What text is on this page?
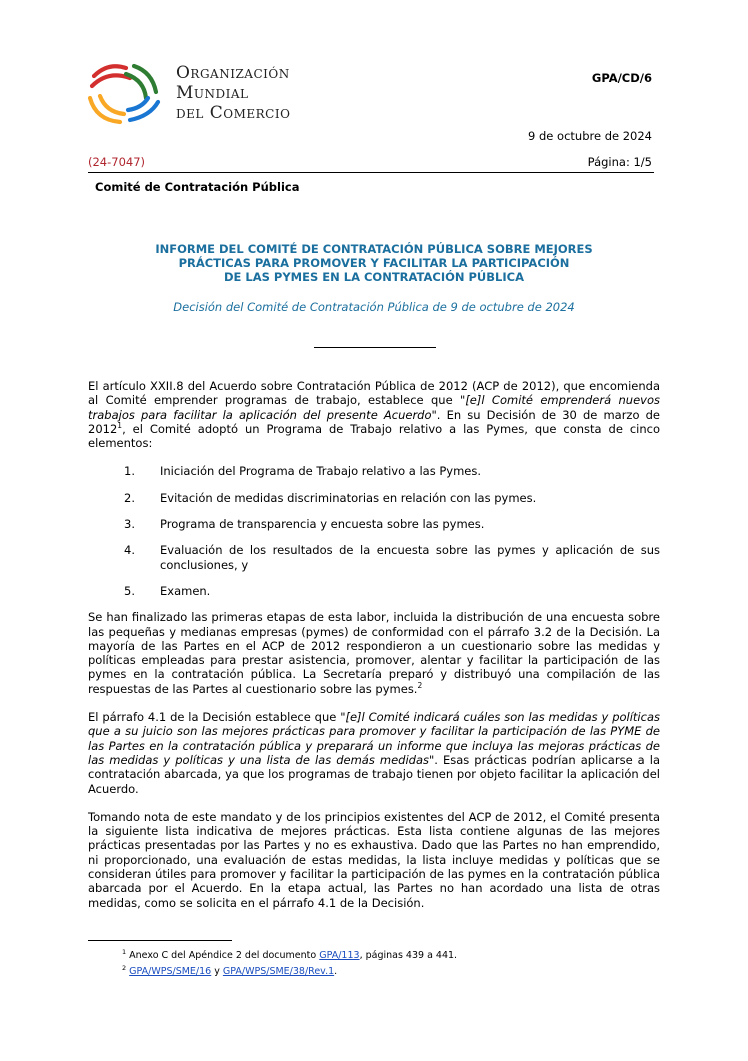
Organización
Mundial
del Comercio
GPA/CD/6
9 de octubre de 2024
(24-7047)	Página: 1/5
Comité de Contratación Pública
INFORME DEL COMITÉ DE CONTRATACIÓN PÚBLICA SOBRE MEJORES
PRÁCTICAS PARA PROMOVER Y FACILITAR LA PARTICIPACIÓN
DE LAS PYMES EN LA CONTRATACIÓN PÚBLICA
Decisión del Comité de Contratación Pública de 9 de octubre de 2024

El artículo XXII.8 del Acuerdo sobre Contratación Pública de 2012 (ACP de 2012), que encomienda al Comité emprender programas de trabajo, establece que "[e]l Comité emprenderá nuevos trabajos para facilitar la aplicación del presente Acuerdo". En su Decisión de 30 de marzo de 2012$^1$, el Comité adoptó un Programa de Trabajo relativo a las Pymes, que consta de cinco elementos:

1.	Iniciación del Programa de Trabajo relativo a las Pymes.
2.	Evitación de medidas discriminatorias en relación con las pymes.
3.	Programa de transparencia y encuesta sobre las pymes.
4.	Evaluación de los resultados de la encuesta sobre las pymes y aplicación de sus conclusiones, y
5.	Examen.

Se han finalizado las primeras etapas de esta labor, incluida la distribución de una encuesta sobre las pequeñas y medianas empresas (pymes) de conformidad con el párrafo 3.2 de la Decisión. La mayoría de las Partes en el ACP de 2012 respondieron a un cuestionario sobre las medidas y políticas empleadas para prestar asistencia, promover, alentar y facilitar la participación de las pymes en la contratación pública. La Secretaría preparó y distribuyó una compilación de las respuestas de las Partes al cuestionario sobre las pymes.$^2$

El párrafo 4.1 de la Decisión establece que "[e]l Comité indicará cuáles son las medidas y políticas que a su juicio son las mejores prácticas para promover y facilitar la participación de las PYME de las Partes en la contratación pública y preparará un informe que incluya las mejoras prácticas de las medidas y políticas y una lista de las demás medidas". Esas prácticas podrían aplicarse a la contratación abarcada, ya que los programas de trabajo tienen por objeto facilitar la aplicación del Acuerdo.

Tomando nota de este mandato y de los principios existentes del ACP de 2012, el Comité presenta la siguiente lista indicativa de mejores prácticas. Esta lista contiene algunas de las mejores prácticas presentadas por las Partes y no es exhaustiva. Dado que las Partes no han emprendido, ni proporcionado, una evaluación de estas medidas, la lista incluye medidas y políticas que se consideran útiles para promover y facilitar la participación de las pymes en la contratación pública abarcada por el Acuerdo. En la etapa actual, las Partes no han acordado una lista de otras medidas, como se solicita en el párrafo 4.1 de la Decisión.

$^1$ Anexo C del Apéndice 2 del documento GPA/113, páginas 439 a 441.
$^2$ GPA/WPS/SME/16 y GPA/WPS/SME/38/Rev.1.
